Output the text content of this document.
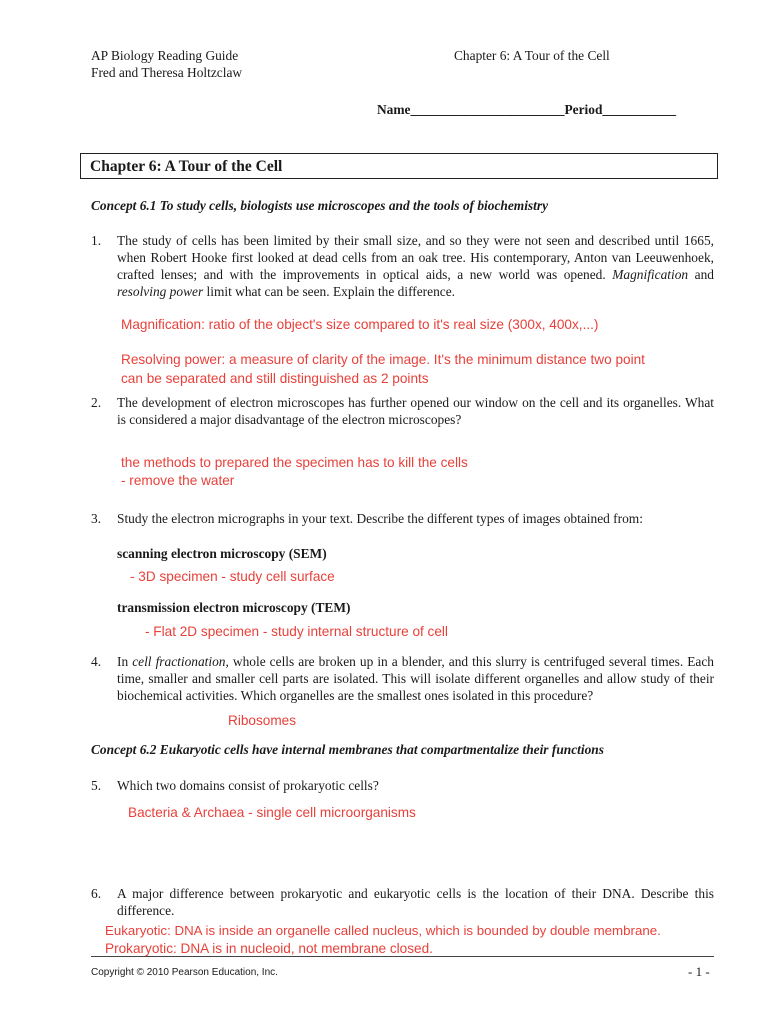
AP Biology Reading Guide
Fred and Theresa Holtzclaw
Chapter 6: A Tour of the Cell
Name_______________________Period___________
Chapter 6: A Tour of the Cell
Concept 6.1 To study cells, biologists use microscopes and the tools of biochemistry
1. The study of cells has been limited by their small size, and so they were not seen and described until 1665, when Robert Hooke first looked at dead cells from an oak tree. His contemporary, Anton van Leeuwenhoek, crafted lenses; and with the improvements in optical aids, a new world was opened. Magnification and resolving power limit what can be seen. Explain the difference.
Magnification: ratio of the object's size compared to it's real size (300x, 400x,...)
Resolving power: a measure of clarity of the image. It's the minimum distance two point
can be separated and still distinguished as 2 points
2. The development of electron microscopes has further opened our window on the cell and its organelles. What is considered a major disadvantage of the electron microscopes?
the methods to prepared the specimen has to kill the cells
- remove the water
3. Study the electron micrographs in your text. Describe the different types of images obtained from:
scanning electron microscopy (SEM)
- 3D specimen - study cell surface
transmission electron microscopy (TEM)
- Flat 2D specimen - study internal structure of cell
4. In cell fractionation, whole cells are broken up in a blender, and this slurry is centrifuged several times. Each time, smaller and smaller cell parts are isolated. This will isolate different organelles and allow study of their biochemical activities. Which organelles are the smallest ones isolated in this procedure?
Ribosomes
Concept 6.2 Eukaryotic cells have internal membranes that compartmentalize their functions
5. Which two domains consist of prokaryotic cells?
Bacteria & Archaea - single cell microorganisms
6. A major difference between prokaryotic and eukaryotic cells is the location of their DNA. Describe this difference.
Eukaryotic: DNA is inside an organelle called nucleus, which is bounded by double membrane.
Prokaryotic: DNA is in nucleoid, not membrane closed.
Copyright © 2010 Pearson Education, Inc.	- 1 -
